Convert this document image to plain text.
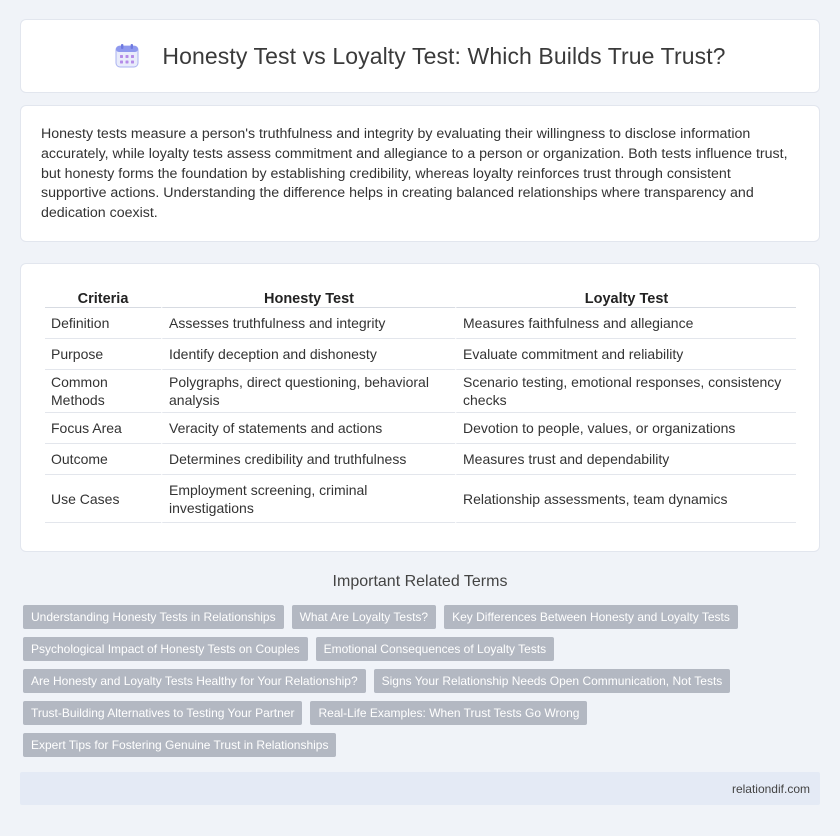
Honesty Test vs Loyalty Test: Which Builds True Trust?

Honesty tests measure a person's truthfulness and integrity by evaluating their willingness to disclose information accurately, while loyalty tests assess commitment and allegiance to a person or organization. Both tests influence trust, but honesty forms the foundation by establishing credibility, whereas loyalty reinforces trust through consistent supportive actions. Understanding the difference helps in creating balanced relationships where transparency and dedication coexist.

Criteria	Honesty Test	Loyalty Test
Definition	Assesses truthfulness and integrity	Measures faithfulness and allegiance
Purpose	Identify deception and dishonesty	Evaluate commitment and reliability
Common Methods	Polygraphs, direct questioning, behavioral analysis	Scenario testing, emotional responses, consistency checks
Focus Area	Veracity of statements and actions	Devotion to people, values, or organizations
Outcome	Determines credibility and truthfulness	Measures trust and dependability
Use Cases	Employment screening, criminal investigations	Relationship assessments, team dynamics
Important Related Terms
Understanding Honesty Tests in Relationships	What Are Loyalty Tests?	Key Differences Between Honesty and Loyalty Tests
Psychological Impact of Honesty Tests on Couples	Emotional Consequences of Loyalty Tests
Are Honesty and Loyalty Tests Healthy for Your Relationship?	Signs Your Relationship Needs Open Communication, Not Tests
Trust-Building Alternatives to Testing Your Partner	Real-Life Examples: When Trust Tests Go Wrong
Expert Tips for Fostering Genuine Trust in Relationships
relationdif.com
